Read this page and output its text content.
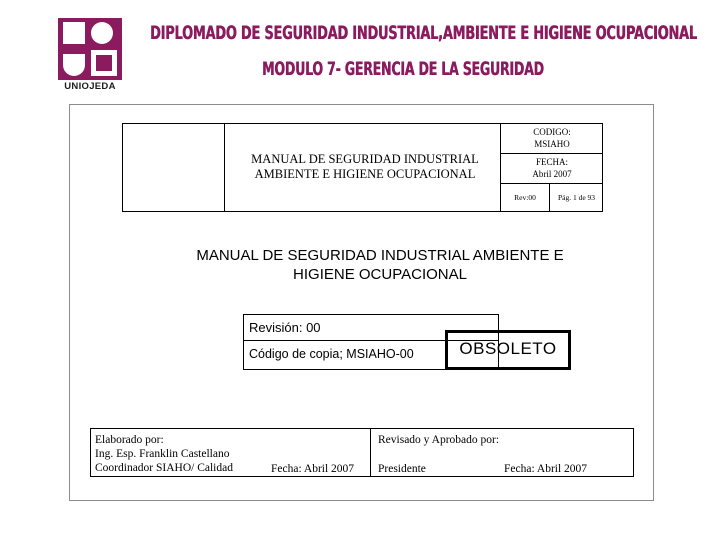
UNIOJEDA
DIPLOMADO DE SEGURIDAD INDUSTRIAL,AMBIENTE E HIGIENE OCUPACIONAL
MODULO 7- GERENCIA DE LA SEGURIDAD
MANUAL DE SEGURIDAD INDUSTRIAL
AMBIENTE E HIGIENE OCUPACIONAL
CODIGO:
MSIAHO
FECHA:
Abril 2007
Rev:00	Pág. 1 de 93
MANUAL DE SEGURIDAD INDUSTRIAL AMBIENTE E
HIGIENE OCUPACIONAL
Revisión: 00
Código de copia; MSIAHO-00	OBSOLETO
Elaborado por:
Ing. Esp. Franklin Castellano
Coordinador SIAHO/ Calidad	Fecha: Abril 2007
Revisado y Aprobado por:
Presidente	Fecha: Abril 2007
